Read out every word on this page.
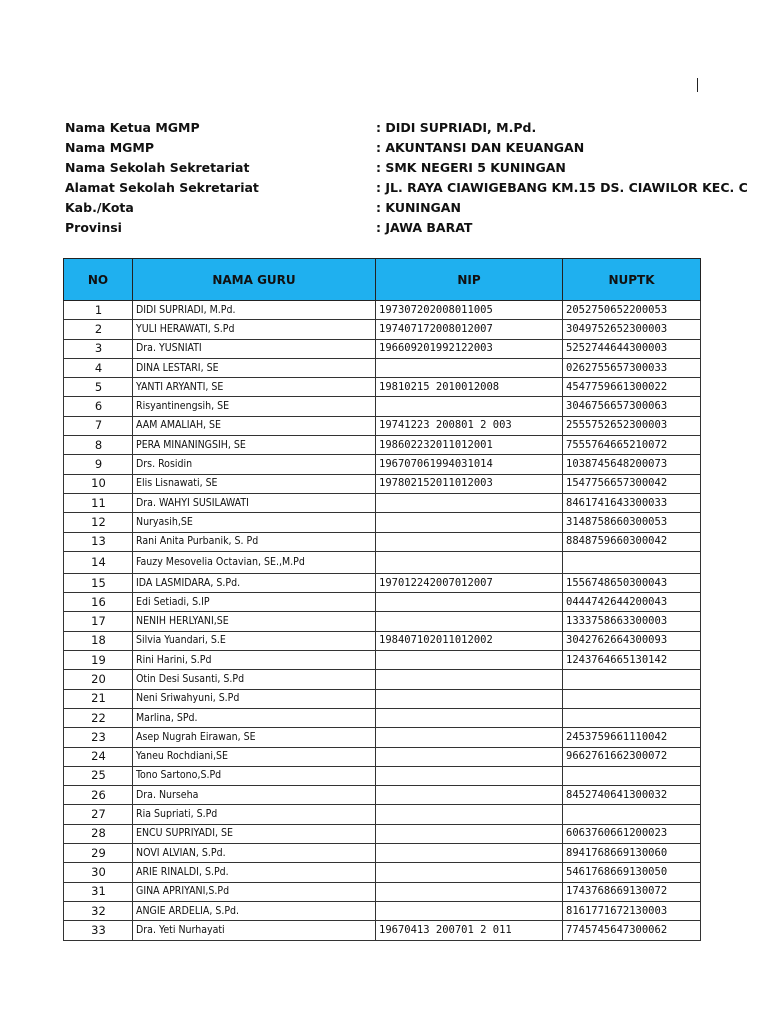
Nama Ketua MGMP	: DIDI SUPRIADI, M.Pd.
Nama MGMP	: AKUNTANSI DAN KEUANGAN
Nama Sekolah Sekretariat	: SMK NEGERI 5 KUNINGAN
Alamat Sekolah Sekretariat	: JL. RAYA CIAWIGEBANG KM.15 DS. CIAWILOR KEC. C
Kab./Kota	: KUNINGAN
Provinsi	: JAWA BARAT
NO	NAMA GURU	NIP	NUPTK
1	DIDI SUPRIADI, M.Pd.	197307202008011005	2052750652200053
2	YULI HERAWATI, S.Pd	197407172008012007	3049752652300003
3	Dra. YUSNIATI	196609201992122003	5252744644300003
4	DINA LESTARI, SE		0262755657300033
5	YANTI ARYANTI, SE	19810215 2010012008	4547759661300022
6	Risyantinengsih, SE		3046756657300063
7	AAM AMALIAH, SE	19741223 200801 2 003	2555752652300003
8	PERA MINANINGSIH, SE	198602232011012001	7555764665210072
9	Drs. Rosidin	196707061994031014	1038745648200073
10	Elis Lisnawati, SE	197802152011012003	1547756657300042
11	Dra. WAHYI SUSILAWATI		8461741643300033
12	Nuryasih,SE		3148758660300053
13	Rani Anita Purbanik, S. Pd		8848759660300042
14	Fauzy Mesovelia Octavian, SE.,M.Pd		
15	IDA LASMIDARA, S.Pd.	197012242007012007	1556748650300043
16	Edi Setiadi, S.IP		0444742644200043
17	NENIH HERLYANI,SE		1333758663300003
18	Silvia Yuandari, S.E	198407102011012002	3042762664300093
19	Rini Harini, S.Pd		1243764665130142
20	Otin Desi Susanti, S.Pd		
21	Neni Sriwahyuni, S.Pd		
22	Marlina, SPd.		
23	Asep Nugrah Eirawan, SE		2453759661110042
24	Yaneu Rochdiani,SE		9662761662300072
25	Tono Sartono,S.Pd		
26	Dra. Nurseha		8452740641300032
27	Ria Supriati, S.Pd		
28	ENCU SUPRIYADI, SE		6063760661200023
29	NOVI ALVIAN, S.Pd.		8941768669130060
30	ARIE RINALDI, S.Pd.		5461768669130050
31	GINA APRIYANI,S.Pd		1743768669130072
32	ANGIE ARDELIA, S.Pd.		8161771672130003
33	Dra. Yeti Nurhayati	19670413 200701 2 011	7745745647300062
